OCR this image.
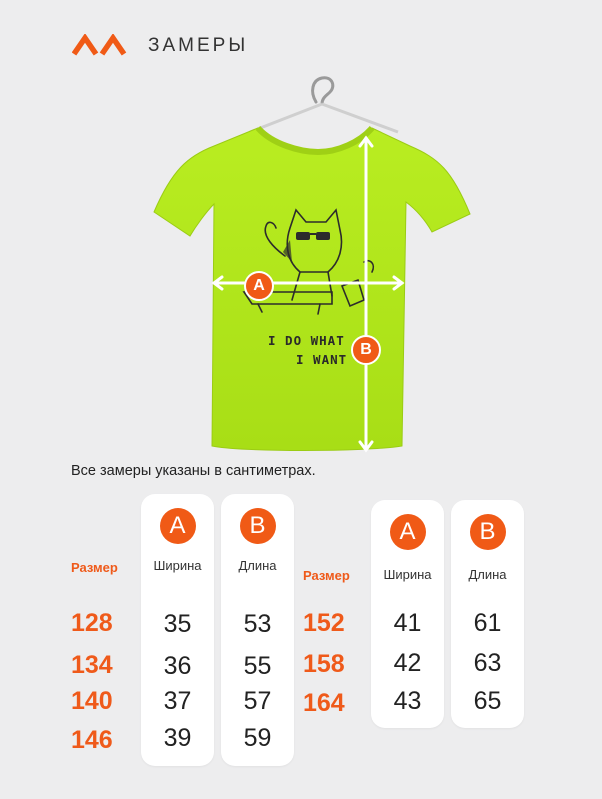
ЗАМЕРЫ
I DO WHAT
I WANT
A
B
Все замеры указаны в сантиметрах.
Размер
128
134
140
146
A
Ширина
35
36
37
39
B
Длина
53
55
57
59
Размер
152
158
164
A
Ширина
41
42
43
B
Длина
61
63
65
